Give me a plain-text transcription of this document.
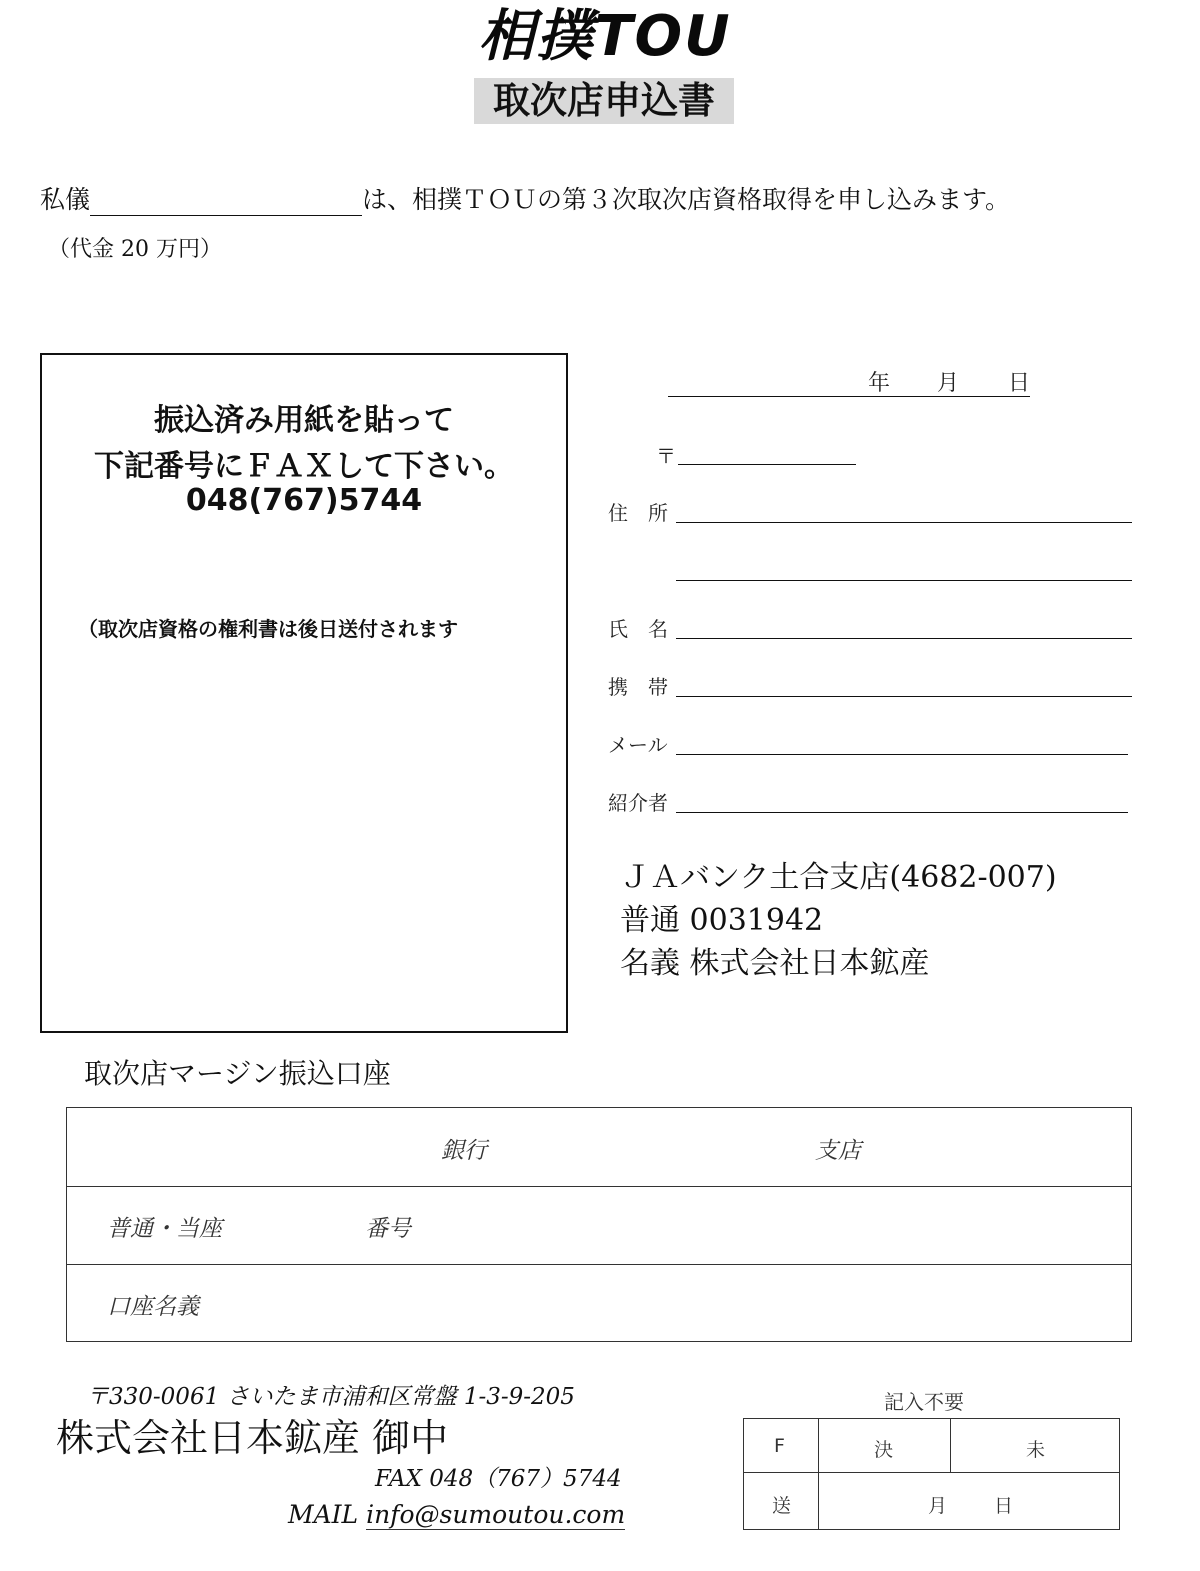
相撲TOU
取次店申込書
私儀	は、相撲ＴＯＵの第３次取次店資格取得を申し込みます。
（代金 20 万円）
振込済み用紙を貼って
下記番号にＦＡＸして下さい。
048(767)5744
（取次店資格の権利書は後日送付されます
年 月 日
〒
住　所
氏　名
携　帯
メール
紹介者
ＪＡバンク土合支店(4682-007)
普通 0031942
名義 株式会社日本鉱産
取次店マージン振込口座
銀行	支店
普通・当座	番号
口座名義
〒330-0061 さいたま市浦和区常盤 1-3-9-205
株式会社日本鉱産 御中
FAX 048（767）5744
MAIL info@sumoutou.com
記入不要
F	決	未
送	月 日
